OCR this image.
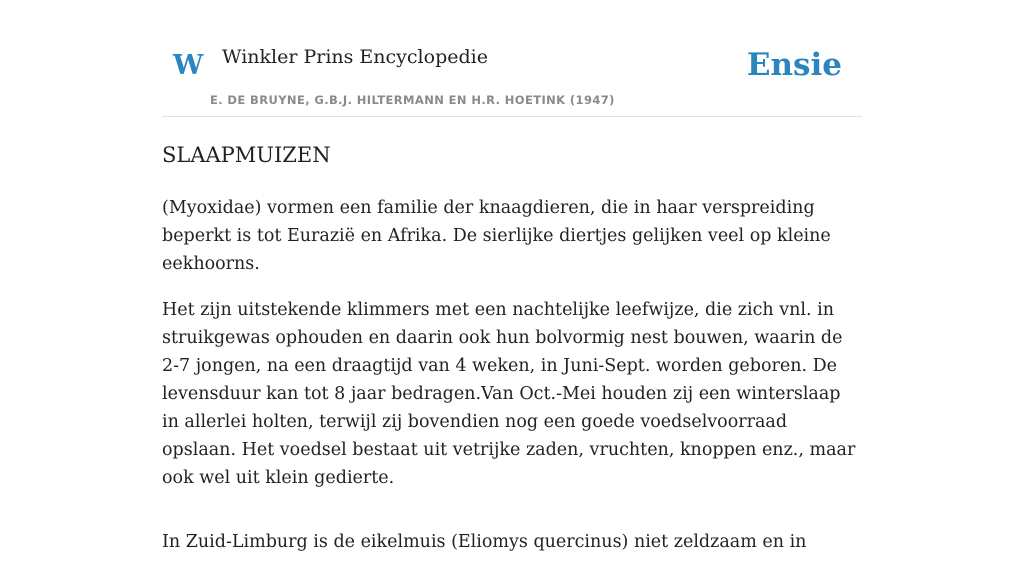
W Winkler Prins Encyclopedie
E. DE BRUYNE, G.B.J. HILTERMANN EN H.R. HOETINK (1947)
Ensie
SLAAPMUIZEN

(Myoxidae) vormen een familie der knaagdieren, die in haar verspreiding beperkt is tot Eurazië en Afrika. De sierlijke diertjes gelijken veel op kleine eekhoorns.

Het zijn uitstekende klimmers met een nachtelijke leefwijze, die zich vnl. in struikgewas ophouden en daarin ook hun bolvormig nest bouwen, waarin de 2-7 jongen, na een draagtijd van 4 weken, in Juni-Sept. worden geboren. De levensduur kan tot 8 jaar bedragen.Van Oct.-Mei houden zij een winterslaap in allerlei holten, terwijl zij bovendien nog een goede voedselvoorraad opslaan. Het voedsel bestaat uit vetrijke zaden, vruchten, knoppen enz., maar ook wel uit klein gedierte.

In Zuid-Limburg is de eikelmuis (Eliomys quercinus) niet zeldzaam en in
